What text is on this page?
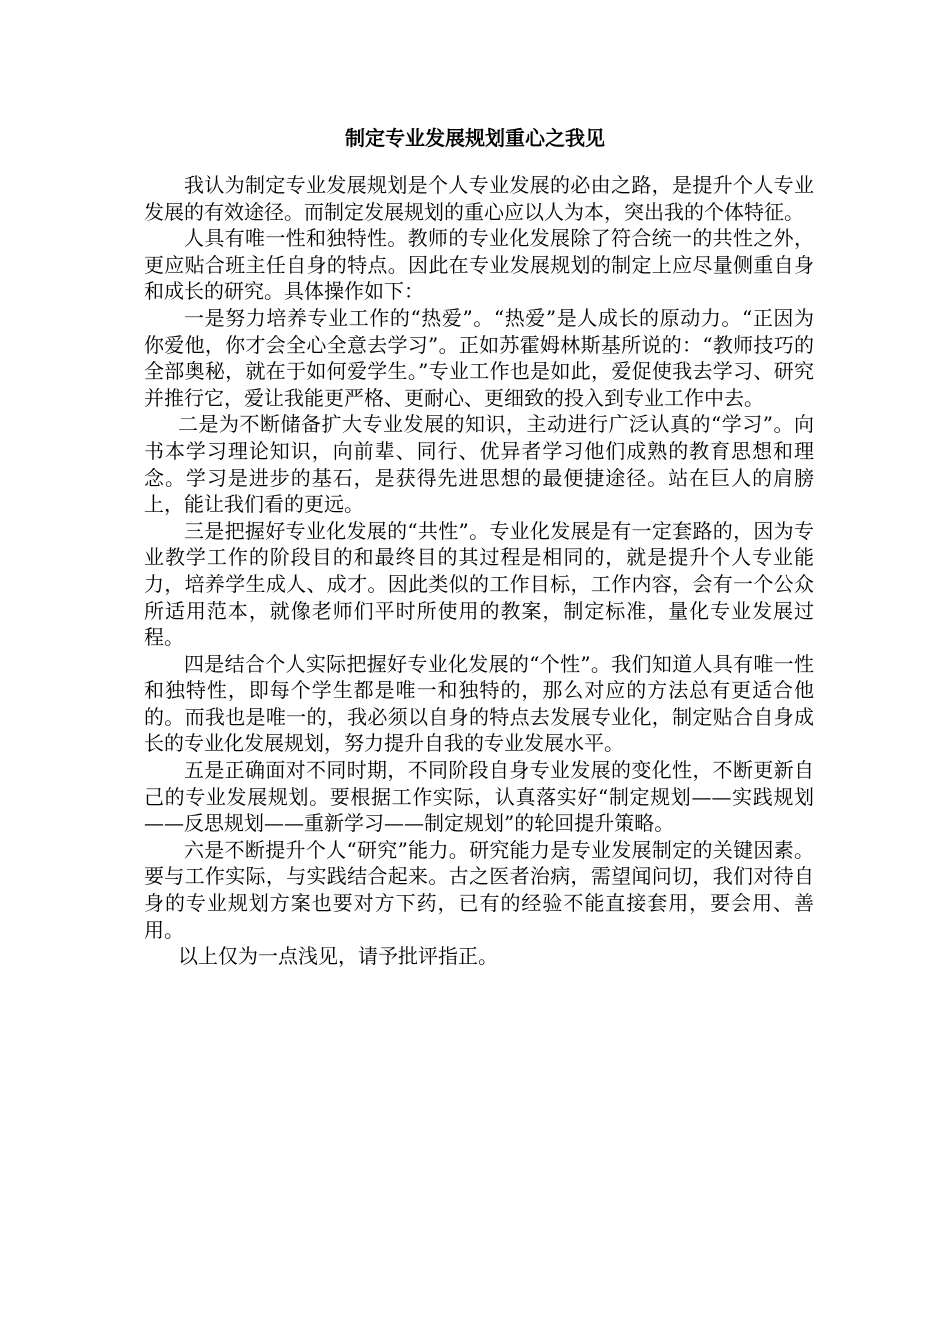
制定专业发展规划重心之我见

我认为制定专业发展规划是个人专业发展的必由之路，是提升个人专业发展的有效途径。而制定发展规划的重心应以人为本，突出我的个体特征。

人具有唯一性和独特性。教师的专业化发展除了符合统一的共性之外，更应贴合班主任自身的特点。因此在专业发展规划的制定上应尽量侧重自身和成长的研究。具体操作如下：

一是努力培养专业工作的“热爱”。“热爱”是人成长的原动力。“正因为你爱他，你才会全心全意去学习”。正如苏霍姆林斯基所说的：“教师技巧的全部奥秘，就在于如何爱学生。”专业工作也是如此，爱促使我去学习、研究并推行它，爱让我能更严格、更耐心、更细致的投入到专业工作中去。

二是为不断储备扩大专业发展的知识，主动进行广泛认真的“学习”。向书本学习理论知识，向前辈、同行、优异者学习他们成熟的教育思想和理念。学习是进步的基石，是获得先进思想的最便捷途径。站在巨人的肩膀上，能让我们看的更远。

三是把握好专业化发展的“共性”。专业化发展是有一定套路的，因为专业教学工作的阶段目的和最终目的其过程是相同的，就是提升个人专业能力，培养学生成人、成才。因此类似的工作目标，工作内容，会有一个公众所适用范本，就像老师们平时所使用的教案，制定标准，量化专业发展过程。

四是结合个人实际把握好专业化发展的“个性”。我们知道人具有唯一性和独特性，即每个学生都是唯一和独特的，那么对应的方法总有更适合他的。而我也是唯一的，我必须以自身的特点去发展专业化，制定贴合自身成长的专业化发展规划，努力提升自我的专业发展水平。

五是正确面对不同时期，不同阶段自身专业发展的变化性，不断更新自己的专业发展规划。要根据工作实际，认真落实好“制定规划——实践规划——反思规划——重新学习——制定规划”的轮回提升策略。

六是不断提升个人“研究”能力。研究能力是专业发展制定的关键因素。要与工作实际，与实践结合起来。古之医者治病，需望闻问切，我们对待自身的专业规划方案也要对方下药，已有的经验不能直接套用，要会用、善用。

以上仅为一点浅见，请予批评指正。
